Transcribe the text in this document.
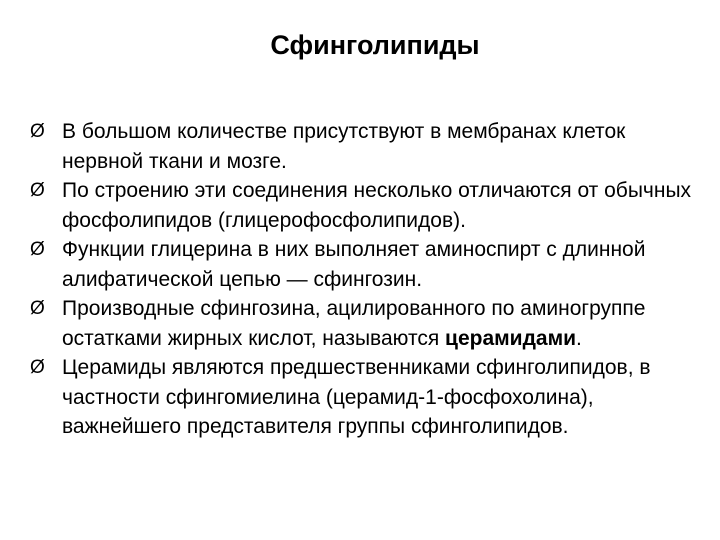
Сфинголипиды
Ø В большом количестве присутствуют в мембранах клеток нервной ткани и мозге.
Ø По строению эти соединения несколько отличаются от обычных фосфолипидов (глицерофосфолипидов).
Ø Функции глицерина в них выполняет аминоспирт с длинной алифатической цепью — сфингозин.
Ø Производные сфингозина, ацилированного по аминогруппе остатками жирных кислот, называются церамидами.
Ø Церамиды являются предшественниками сфинголипидов, в частности сфингомиелина (церамид-1-фосфохолина), важнейшего представителя группы сфинголипидов.
